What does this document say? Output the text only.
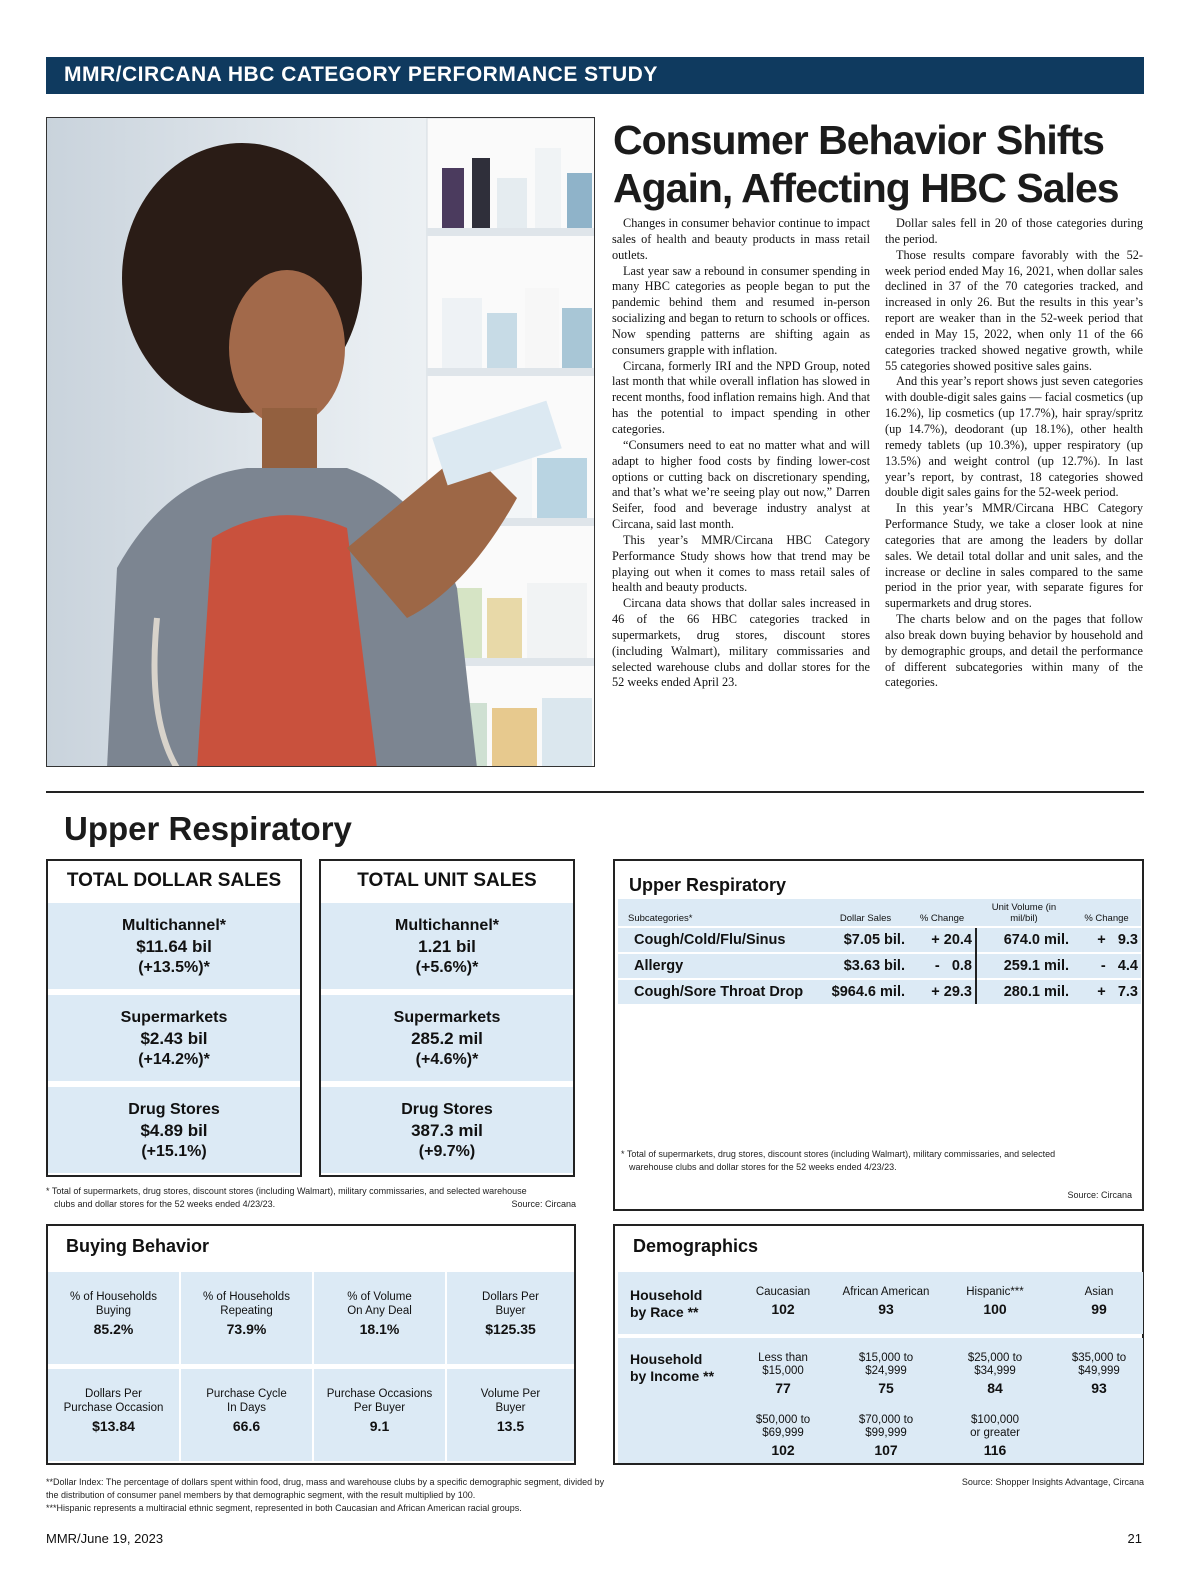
MMR/CIRCANA HBC CATEGORY PERFORMANCE STUDY
Consumer Behavior Shifts Again, Affecting HBC Sales

Changes in consumer behavior continue to impact sales of health and beauty products in mass retail outlets.

Last year saw a rebound in consumer spending in many HBC categories as people began to put the pandemic behind them and resumed in-person socializing and began to return to schools or offices. Now spending patterns are shifting again as consumers grapple with inflation.

Circana, formerly IRI and the NPD Group, noted last month that while overall inflation has slowed in recent months, food inflation remains high. And that has the potential to impact spending in other categories.

“Consumers need to eat no matter what and will adapt to higher food costs by finding lower-cost options or cutting back on discretionary spending, and that’s what we’re seeing play out now,” Darren Seifer, food and beverage industry analyst at Circana, said last month.

This year’s MMR/Circana HBC Category Performance Study shows how that trend may be playing out when it comes to mass retail sales of health and beauty products.

Circana data shows that dollar sales increased in 46 of the 66 HBC categories tracked in supermarkets, drug stores, discount stores (including Walmart), military commissaries and selected warehouse clubs and dollar stores for the 52 weeks ended April 23.

Dollar sales fell in 20 of those categories during the period.

Those results compare favorably with the 52-week period ended May 16, 2021, when dollar sales declined in 37 of the 70 categories tracked, and increased in only 26. But the results in this year’s report are weaker than in the 52-week period that ended in May 15, 2022, when only 11 of the 66 categories tracked showed negative growth, while 55 categories showed positive sales gains.

And this year’s report shows just seven categories with double-digit sales gains — facial cosmetics (up 16.2%), lip cosmetics (up 17.7%), hair spray/spritz (up 14.7%), deodorant (up 18.1%), other health remedy tablets (up 10.3%), upper respiratory (up 13.5%) and weight control (up 12.7%). In last year’s report, by contrast, 18 categories showed double digit sales gains for the 52-week period.

In this year’s MMR/Circana HBC Category Performance Study, we take a closer look at nine categories that are among the leaders by dollar sales. We detail total dollar and unit sales, and the increase or decline in sales compared to the same period in the prior year, with separate figures for supermarkets and drug stores.

The charts below and on the pages that follow also break down buying behavior by household and by demographic groups, and detail the performance of different subcategories within many of the categories.

Upper Respiratory
TOTAL DOLLAR SALES
Multichannel*
$11.64 bil
(+13.5%)*
Supermarkets
$2.43 bil
(+14.2%)*
Drug Stores
$4.89 bil
(+15.1%)
TOTAL UNIT SALES
Multichannel*
1.21 bil
(+5.6%)*
Supermarkets
285.2 mil
(+4.6%)*
Drug Stores
387.3 mil
(+9.7%)
* Total of supermarkets, drug stores, discount stores (including Walmart), military commissaries, and selected warehouse
clubs and dollar stores for the 52 weeks ended 4/23/23.	Source: Circana
Upper Respiratory
Subcategories*	Dollar Sales	% Change	Unit Volume (in mil/bil)	% Change
Cough/Cold/Flu/Sinus	$7.05 bil.	+ 20.4	674.0 mil.	+ 9.3
Allergy	$3.63 bil.	- 0.8	259.1 mil.	- 4.4
Cough/Sore Throat Drop	$964.6 mil.	+ 29.3	280.1 mil.	+ 7.3
* Total of supermarkets, drug stores, discount stores (including Walmart), military commissaries, and selected
warehouse clubs and dollar stores for the 52 weeks ended 4/23/23.
Source: Circana
Buying Behavior
% of Households
Buying
85.2%
% of Households
Repeating
73.9%
% of Volume
On Any Deal
18.1%
Dollars Per
Buyer
$125.35
Dollars Per
Purchase Occasion
$13.84
Purchase Cycle
In Days
66.6
Purchase Occasions
Per Buyer
9.1
Volume Per
Buyer
13.5
Demographics
Household
by Race **
Caucasian
102
African American
93
Hispanic***
100
Asian
99
Household
by Income **
Less than
$15,000
77
$15,000 to
$24,999
75
$25,000 to
$34,999
84
$35,000 to
$49,999
93
$50,000 to
$69,999
102
$70,000 to
$99,999
107
$100,000
or greater
116
**Dollar Index: The percentage of dollars spent within food, drug, mass and warehouse clubs by a specific demographic segment, divided by
the distribution of consumer panel members by that demographic segment, with the result multiplied by 100.
***Hispanic represents a multiracial ethnic segment, represented in both Caucasian and African American racial groups.
Source: Shopper Insights Advantage, Circana
MMR/June 19, 2023	21
